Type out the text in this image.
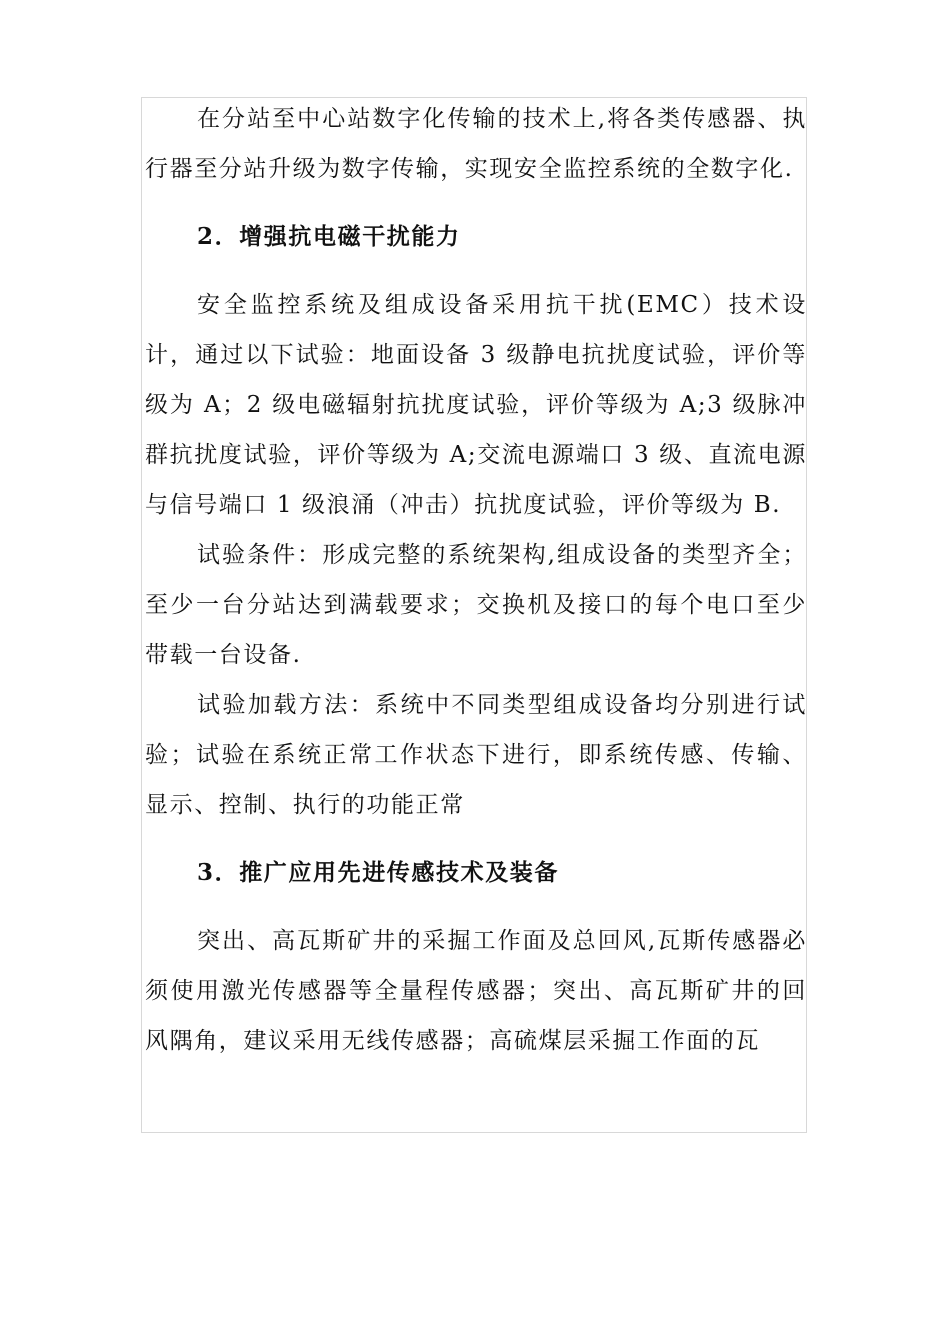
在分站至中心站数字化传输的技术上,将各类传感器、执行器至分站升级为数字传输，实现安全监控系统的全数字化.

2．增强抗电磁干扰能力

安全监控系统及组成设备采用抗干扰(EMC）技术设计，通过以下试验：地面设备 3 级静电抗扰度试验，评价等级为 A；2 级电磁辐射抗扰度试验，评价等级为 A;3 级脉冲群抗扰度试验，评价等级为 A;交流电源端口 3 级、直流电源与信号端口 1 级浪涌（冲击）抗扰度试验，评价等级为 B.

试验条件：形成完整的系统架构,组成设备的类型齐全；至少一台分站达到满载要求；交换机及接口的每个电口至少带载一台设备.

试验加载方法：系统中不同类型组成设备均分别进行试验；试验在系统正常工作状态下进行，即系统传感、传输、显示、控制、执行的功能正常

3．推广应用先进传感技术及装备

突出、高瓦斯矿井的采掘工作面及总回风,瓦斯传感器必须使用激光传感器等全量程传感器；突出、高瓦斯矿井的回风隅角，建议采用无线传感器；高硫煤层采掘工作面的瓦
